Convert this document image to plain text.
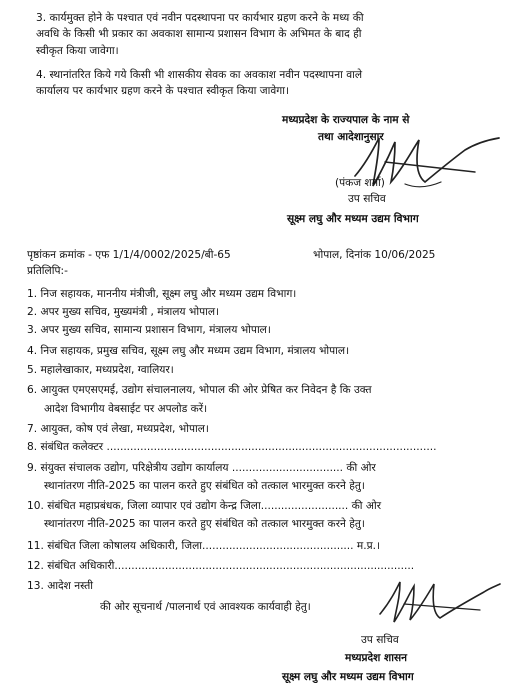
3. कार्यमुक्त होने के पश्चात एवं नवीन पदस्थापना पर कार्यभार ग्रहण करने के मध्य की
अवधि के किसी भी प्रकार का अवकाश सामान्य प्रशासन विभाग के अभिमत के बाद ही
स्वीकृत किया जावेगा।
4. स्थानांतरित किये गये किसी भी शासकीय सेवक का अवकाश नवीन पदस्थापना वाले
कार्यालय पर कार्यभार ग्रहण करने के पश्चात स्वीकृत किया जावेगा।
मध्यप्रदेश के राज्यपाल के नाम से
तथा आदेशानुसार
(पंकज शर्मा)
उप सचिव
सूक्ष्म लघु और मध्यम उद्यम विभाग
पृष्ठांकन क्रमांक - एफ 1/1/4/0002/2025/बी-65	भोपाल, दिनांक 10/06/2025
प्रतिलिपि:-
1. निज सहायक, माननीय मंत्रीजी, सूक्ष्म लघु और मध्यम उद्यम विभाग।
2. अपर मुख्य सचिव, मुख्यमंत्री , मंत्रालय भोपाल।
3. अपर मुख्य सचिव, सामान्य प्रशासन विभाग, मंत्रालय भोपाल।
4. निज सहायक, प्रमुख सचिव, सूक्ष्म लघु और मध्यम उद्यम विभाग, मंत्रालय भोपाल।
5. महालेखाकार, मध्यप्रदेश, ग्वालियर।
6. आयुक्त एमएसएमई, उद्योग संचालनालय, भोपाल की ओर प्रेषित कर निवेदन है कि उक्त
आदेश विभागीय वेबसाईट पर अपलोड करें।
7. आयुक्त, कोष एवं लेखा, मध्यप्रदेश, भोपाल।
8. संबंधित कलेक्टर ..................................................................................................
9. संयुक्त संचालक उद्योग, परिक्षेत्रीय उद्योग कार्यालय ................................. की ओर
स्थानांतरण नीति-2025 का पालन करते हुए संबंधित को तत्काल भारमुक्त करने हेतु।
10. संबंधित महाप्रबंधक, जिला व्यापार एवं उद्योग केन्द्र जिला.......................... की ओर
स्थानांतरण नीति-2025 का पालन करते हुए संबंधित को तत्काल भारमुक्त करने हेतु।
11. संबंधित जिला कोषालय अधिकारी, जिला............................................. म.प्र.।
12. संबंधित अधिकारी.........................................................................................
13. आदेश नस्ती
की ओर सूचनार्थ /पालनार्थ एवं आवश्यक कार्यवाही हेतु।
उप सचिव
मध्यप्रदेश शासन
सूक्ष्म लघु और मध्यम उद्यम विभाग
